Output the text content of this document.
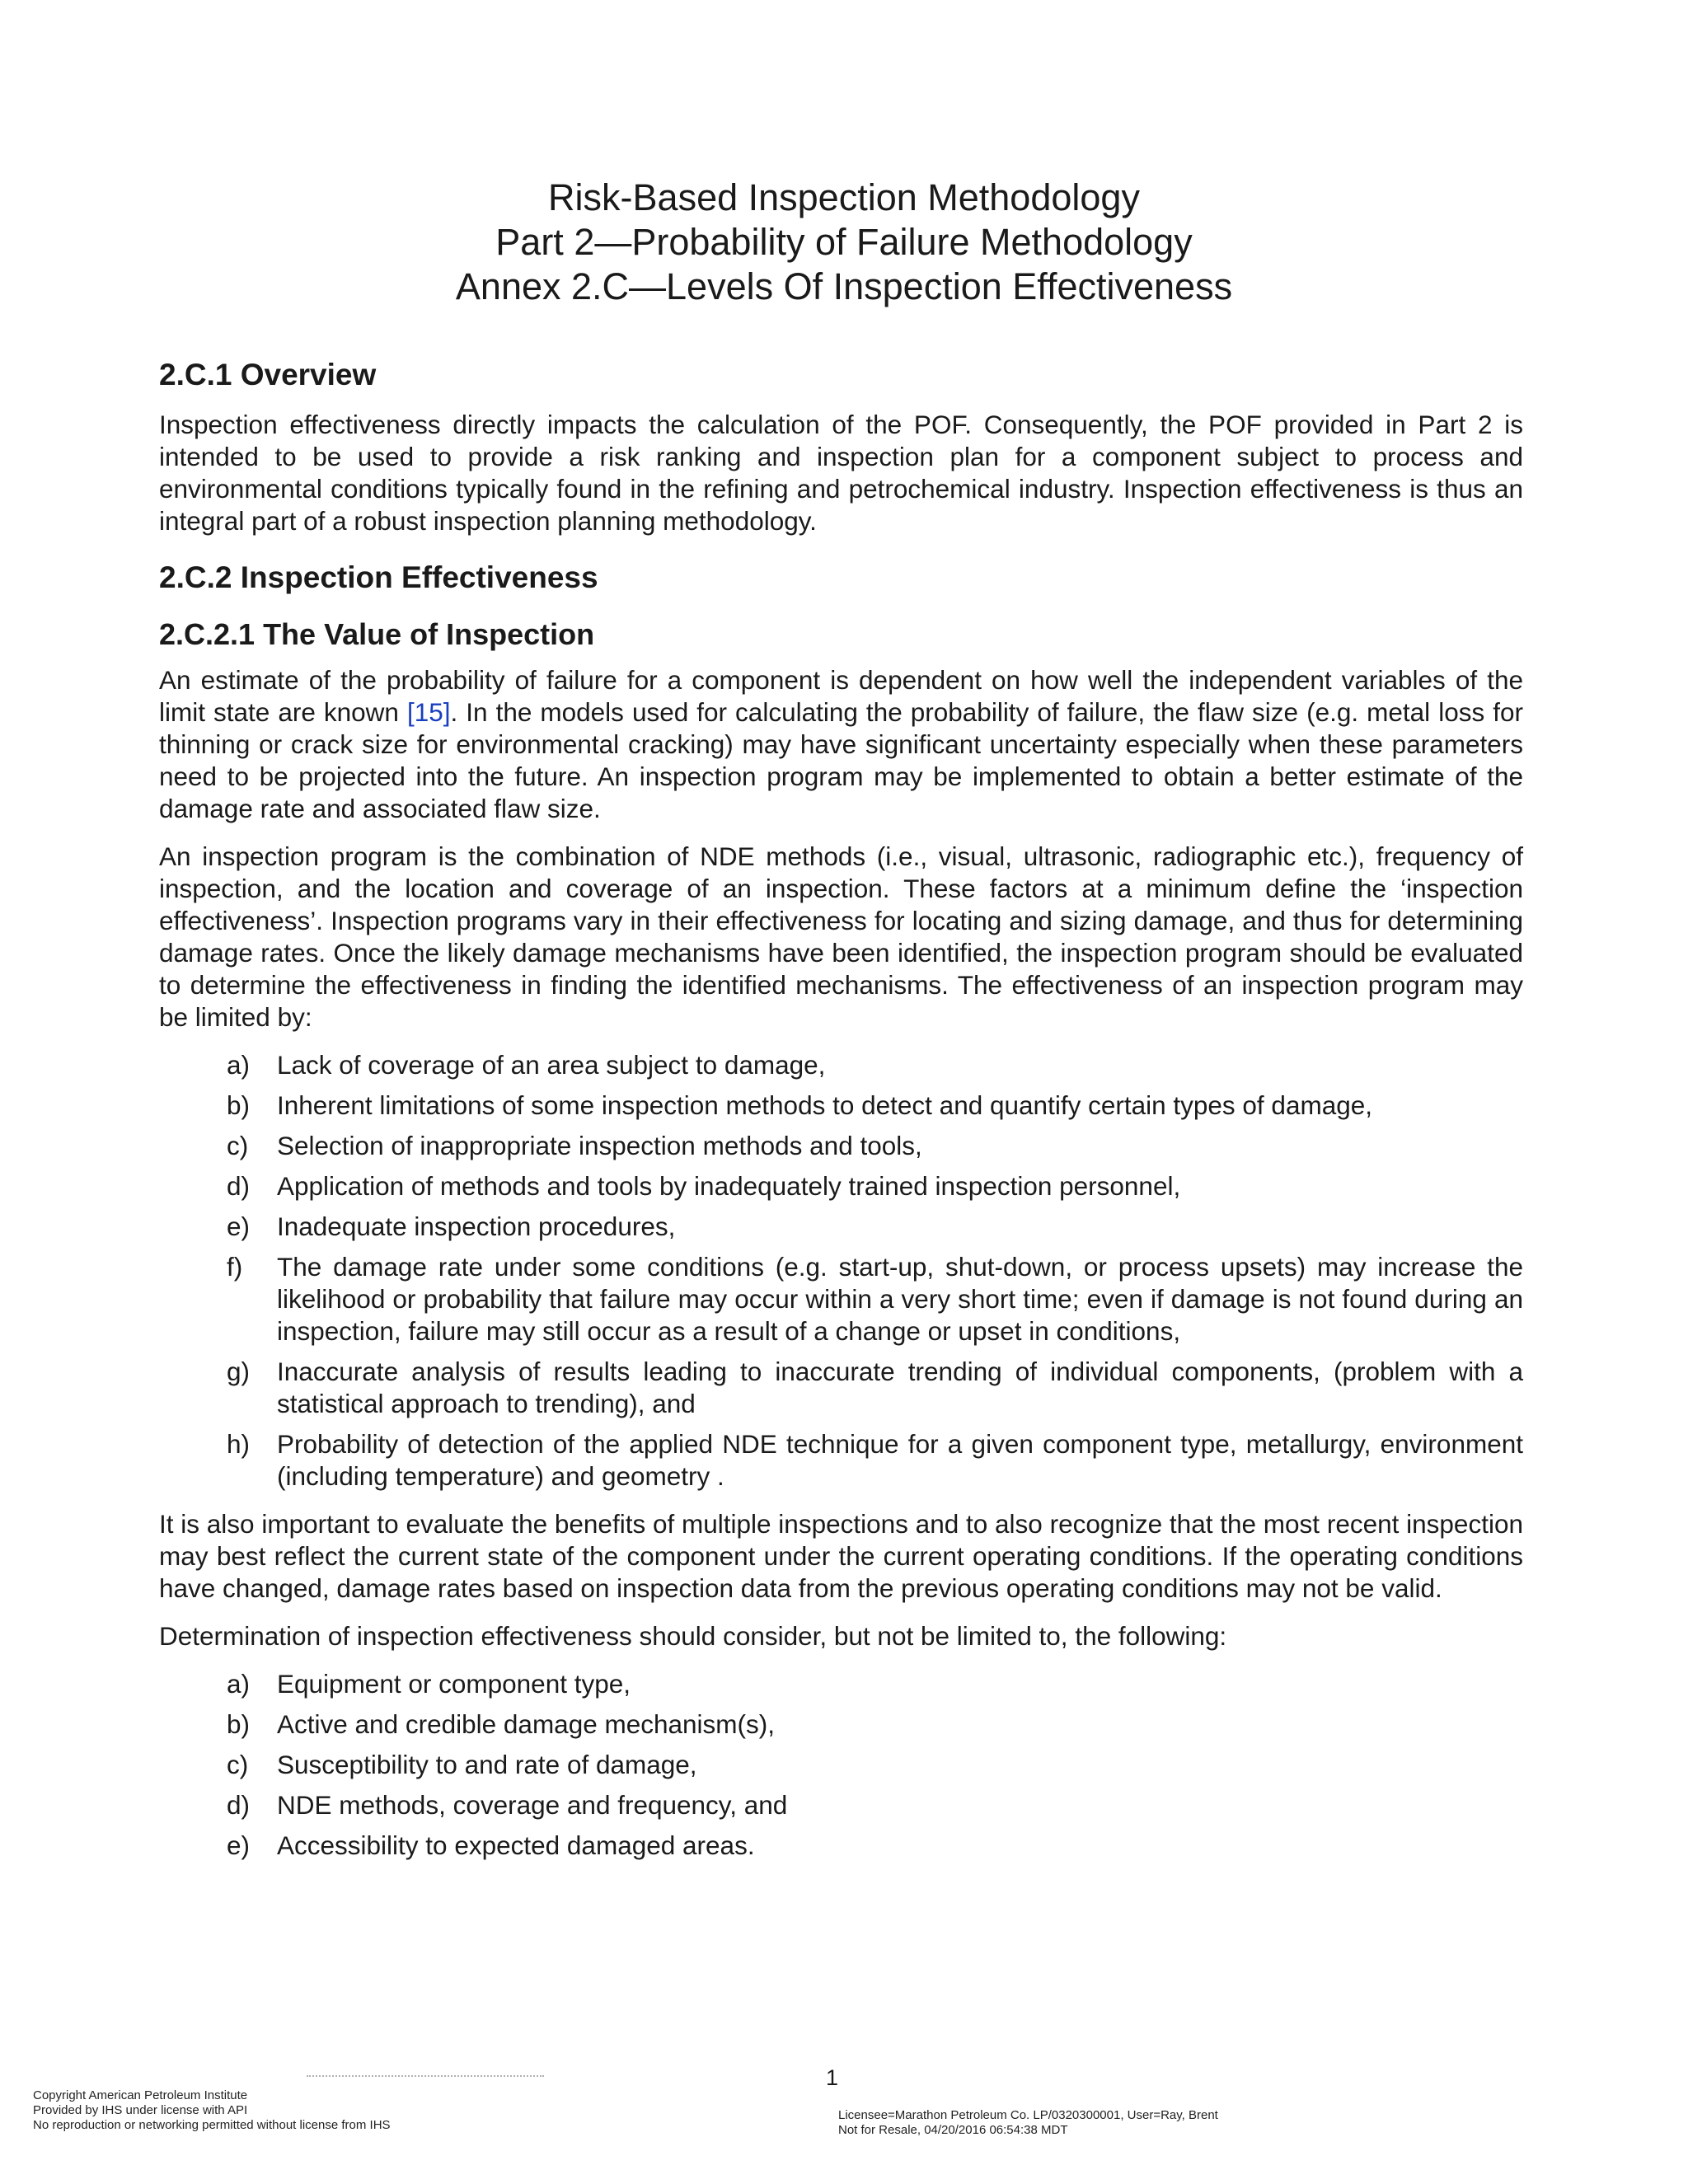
Risk-Based Inspection Methodology
Part 2—Probability of Failure Methodology
Annex 2.C—Levels Of Inspection Effectiveness
2.C.1 Overview

Inspection effectiveness directly impacts the calculation of the POF. Consequently, the POF provided in Part 2 is intended to be used to provide a risk ranking and inspection plan for a component subject to process and environmental conditions typically found in the refining and petrochemical industry. Inspection effectiveness is thus an integral part of a robust inspection planning methodology.

2.C.2 Inspection Effectiveness
2.C.2.1 The Value of Inspection

An estimate of the probability of failure for a component is dependent on how well the independent variables of the limit state are known [15]. In the models used for calculating the probability of failure, the flaw size (e.g. metal loss for thinning or crack size for environmental cracking) may have significant uncertainty especially when these parameters need to be projected into the future. An inspection program may be implemented to obtain a better estimate of the damage rate and associated flaw size.

An inspection program is the combination of NDE methods (i.e., visual, ultrasonic, radiographic etc.), frequency of inspection, and the location and coverage of an inspection. These factors at a minimum define the ‘inspection effectiveness’. Inspection programs vary in their effectiveness for locating and sizing damage, and thus for determining damage rates. Once the likely damage mechanisms have been identified, the inspection program should be evaluated to determine the effectiveness in finding the identified mechanisms. The effectiveness of an inspection program may be limited by:

a) Lack of coverage of an area subject to damage,
b) Inherent limitations of some inspection methods to detect and quantify certain types of damage,
c) Selection of inappropriate inspection methods and tools,
d) Application of methods and tools by inadequately trained inspection personnel,
e) Inadequate inspection procedures,
f) The damage rate under some conditions (e.g. start-up, shut-down, or process upsets) may increase the likelihood or probability that failure may occur within a very short time; even if damage is not found during an inspection, failure may still occur as a result of a change or upset in conditions,
g) Inaccurate analysis of results leading to inaccurate trending of individual components, (problem with a statistical approach to trending), and
h) Probability of detection of the applied NDE technique for a given component type, metallurgy, environment (including temperature) and geometry .

It is also important to evaluate the benefits of multiple inspections and to also recognize that the most recent inspection may best reflect the current state of the component under the current operating conditions. If the operating conditions have changed, damage rates based on inspection data from the previous operating conditions may not be valid.

Determination of inspection effectiveness should consider, but not be limited to, the following:

a) Equipment or component type,
b) Active and credible damage mechanism(s),
c) Susceptibility to and rate of damage,
d) NDE methods, coverage and frequency, and
e) Accessibility to expected damaged areas.
1
Copyright American Petroleum Institute
Provided by IHS under license with API
No reproduction or networking permitted without license from IHS
Licensee=Marathon Petroleum Co. LP/0320300001, User=Ray, Brent
Not for Resale, 04/20/2016 06:54:38 MDT
